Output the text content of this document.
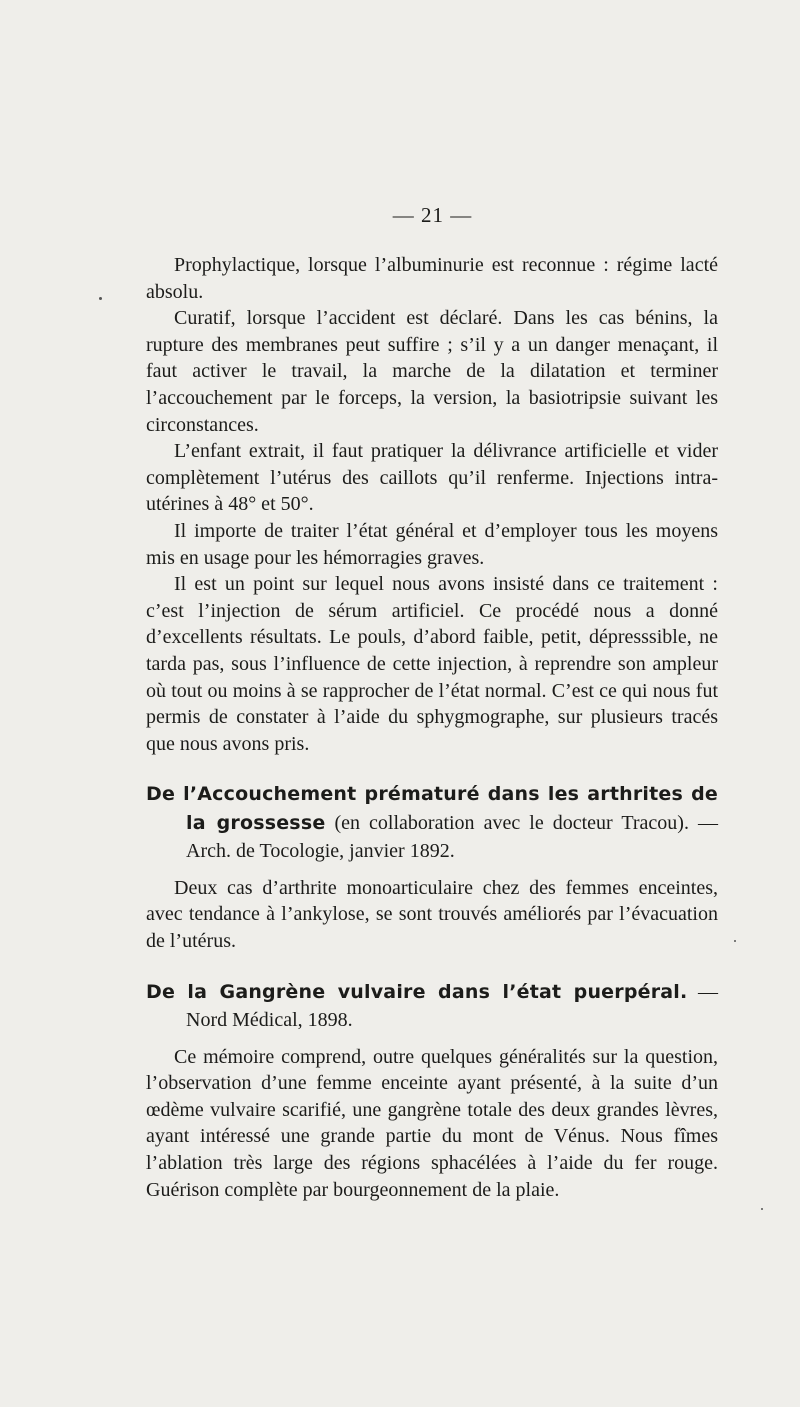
— 21 —

Prophylactique, lorsque l’albuminurie est reconnue : régime lacté absolu.

Curatif, lorsque l’accident est déclaré. Dans les cas bénins, la rupture des membranes peut suffire ; s’il y a un danger menaçant, il faut activer le travail, la marche de la dilatation et terminer l’accouchement par le forceps, la version, la basiotripsie suivant les circonstances.

L’enfant extrait, il faut pratiquer la délivrance artificielle et vider complètement l’utérus des caillots qu’il renferme. Injections intra-utérines à 48° et 50°.

Il importe de traiter l’état général et d’employer tous les moyens mis en usage pour les hémorragies graves.

Il est un point sur lequel nous avons insisté dans ce traitement : c’est l’injection de sérum artificiel. Ce procédé nous a donné d’excellents résultats. Le pouls, d’abord faible, petit, dépresssible, ne tarda pas, sous l’influence de cette injection, à reprendre son ampleur où tout ou moins à se rapprocher de l’état normal. C’est ce qui nous fut permis de constater à l’aide du sphygmographe, sur plusieurs tracés que nous avons pris.

De l’Accouchement prématuré dans les arthrites de la grossesse (en collaboration avec le docteur Tracou). — Arch. de Tocologie, janvier 1892.

Deux cas d’arthrite monoarticulaire chez des femmes enceintes, avec tendance à l’ankylose, se sont trouvés améliorés par l’évacuation de l’utérus.

De la Gangrène vulvaire dans l’état puerpéral. — Nord Médical, 1898.

Ce mémoire comprend, outre quelques généralités sur la question, l’observation d’une femme enceinte ayant présenté, à la suite d’un œdème vulvaire scarifié, une gangrène totale des deux grandes lèvres, ayant intéressé une grande partie du mont de Vénus. Nous fîmes l’ablation très large des régions sphacélées à l’aide du fer rouge. Guérison complète par bourgeonnement de la plaie.
